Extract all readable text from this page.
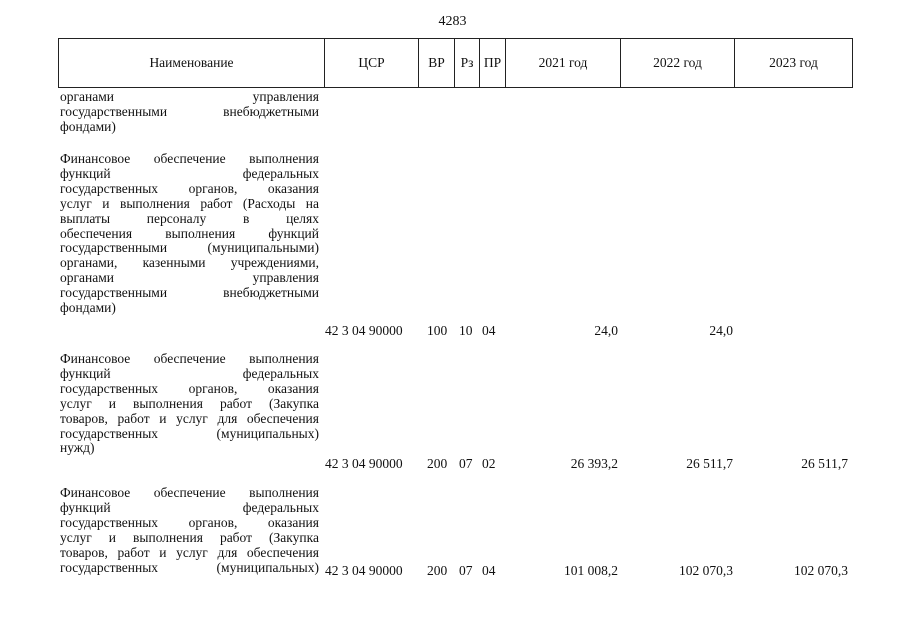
4283
Наименование	ЦСР	ВР	Рз ПР	2021 год	2022 год	2023 год
органами управления
государственными внебюджетными
фондами)
Финансовое обеспечение выполнения
функций федеральных
государственных органов, оказания
услуг и выполнения работ (Расходы на
выплаты персоналу в целях
обеспечения выполнения функций
государственными (муниципальными)
органами, казенными учреждениями,
органами управления
государственными внебюджетными
фондами)
42 3 04 90000 100 10 04	24,0	24,0
Финансовое обеспечение выполнения
функций федеральных
государственных органов, оказания
услуг и выполнения работ (Закупка
товаров, работ и услуг для обеспечения
государственных (муниципальных)
нужд)
42 3 04 90000 200 07 02	26 393,2	26 511,7	26 511,7
Финансовое обеспечение выполнения
функций федеральных
государственных органов, оказания
услуг и выполнения работ (Закупка
товаров, работ и услуг для обеспечения
государственных (муниципальных) 42 3 04 90000 200 07 04	101 008,2	102 070,3	102 070,3
